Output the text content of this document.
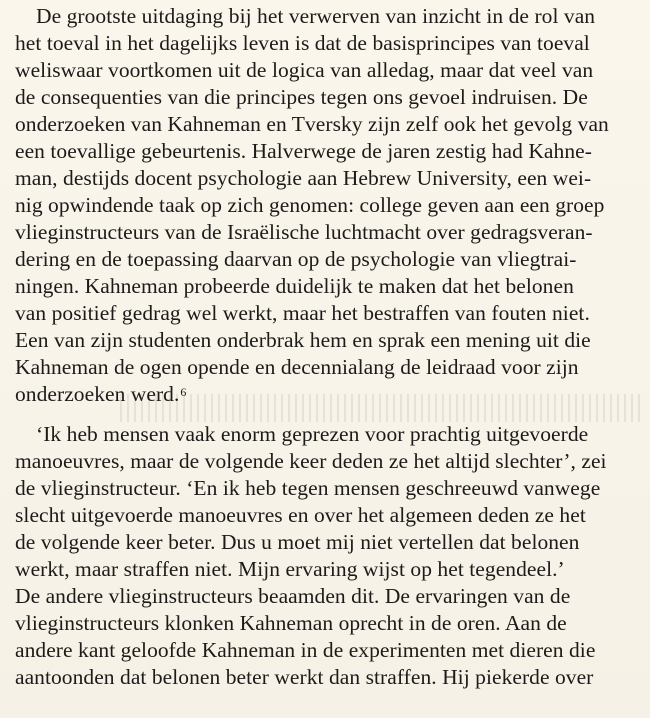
De grootste uitdaging bij het verwerven van inzicht in de rol van
het toeval in het dagelijks leven is dat de basisprincipes van toeval
weliswaar voortkomen uit de logica van alledag, maar dat veel van
de consequenties van die principes tegen ons gevoel indruisen. De
onderzoeken van Kahneman en Tversky zijn zelf ook het gevolg van
een toevallige gebeurtenis. Halverwege de jaren zestig had Kahne-
man, destijds docent psychologie aan Hebrew University, een wei-
nig opwindende taak op zich genomen: college geven aan een groep
vlieginstructeurs van de Israëlische luchtmacht over gedragsveran-
dering en de toepassing daarvan op de psychologie van vliegtrai-
ningen. Kahneman probeerde duidelijk te maken dat het belonen
van positief gedrag wel werkt, maar het bestraffen van fouten niet.
Een van zijn studenten onderbrak hem en sprak een mening uit die
Kahneman de ogen opende en decennialang de leidraad voor zijn
onderzoeken werd.$^6$
‘Ik heb mensen vaak enorm geprezen voor prachtig uitgevoerde
manoeuvres, maar de volgende keer deden ze het altijd slechter’, zei
de vlieginstructeur. ‘En ik heb tegen mensen geschreeuwd vanwege
slecht uitgevoerde manoeuvres en over het algemeen deden ze het
de volgende keer beter. Dus u moet mij niet vertellen dat belonen
werkt, maar straffen niet. Mijn ervaring wijst op het tegendeel.’
De andere vlieginstructeurs beaamden dit. De ervaringen van de
vlieginstructeurs klonken Kahneman oprecht in de oren. Aan de
andere kant geloofde Kahneman in de experimenten met dieren die
aantoonden dat belonen beter werkt dan straffen. Hij piekerde over
